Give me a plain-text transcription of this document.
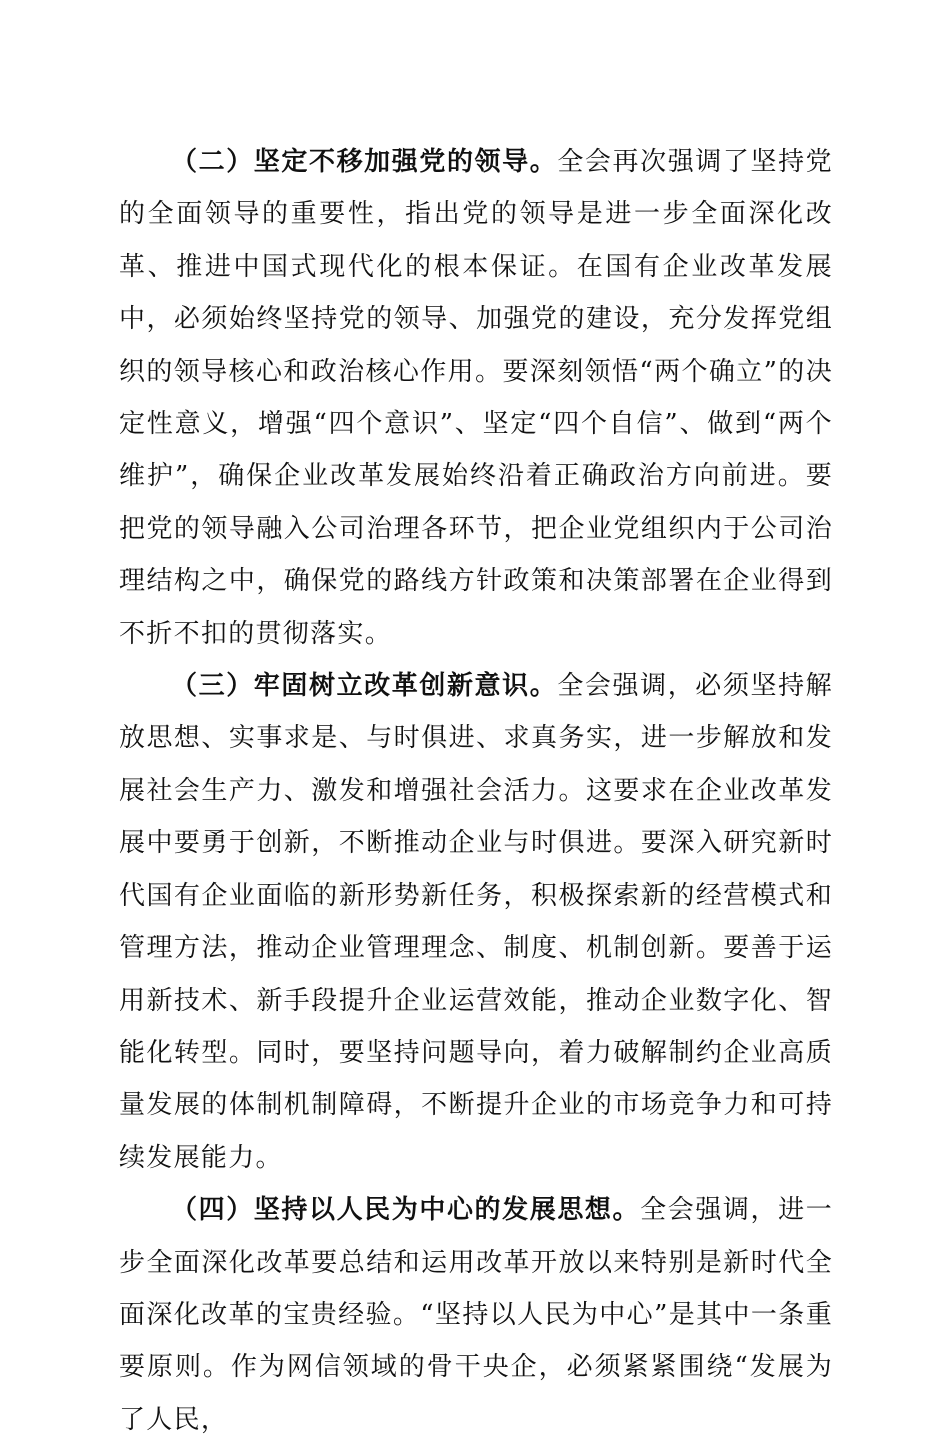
（二）坚定不移加强党的领导。全会再次强调了坚持党的全面领导的重要性，指出党的领导是进一步全面深化改革、推进中国式现代化的根本保证。在国有企业改革发展中，必须始终坚持党的领导、加强党的建设，充分发挥党组织的领导核心和政治核心作用。要深刻领悟“两个确立”的决定性意义，增强“四个意识”、坚定“四个自信”、做到“两个维护”，确保企业改革发展始终沿着正确政治方向前进。要把党的领导融入公司治理各环节，把企业党组织内于公司治理结构之中，确保党的路线方针政策和决策部署在企业得到不折不扣的贯彻落实。

（三）牢固树立改革创新意识。全会强调，必须坚持解放思想、实事求是、与时俱进、求真务实，进一步解放和发展社会生产力、激发和增强社会活力。这要求在企业改革发展中要勇于创新，不断推动企业与时俱进。要深入研究新时代国有企业面临的新形势新任务，积极探索新的经营模式和管理方法，推动企业管理理念、制度、机制创新。要善于运用新技术、新手段提升企业运营效能，推动企业数字化、智能化转型。同时，要坚持问题导向，着力破解制约企业高质量发展的体制机制障碍，不断提升企业的市场竞争力和可持续发展能力。

（四）坚持以人民为中心的发展思想。全会强调，进一步全面深化改革要总结和运用改革开放以来特别是新时代全面深化改革的宝贵经验。“坚持以人民为中心”是其中一条重要原则。作为网信领域的骨干央企，必须紧紧围绕“发展为了人民，
